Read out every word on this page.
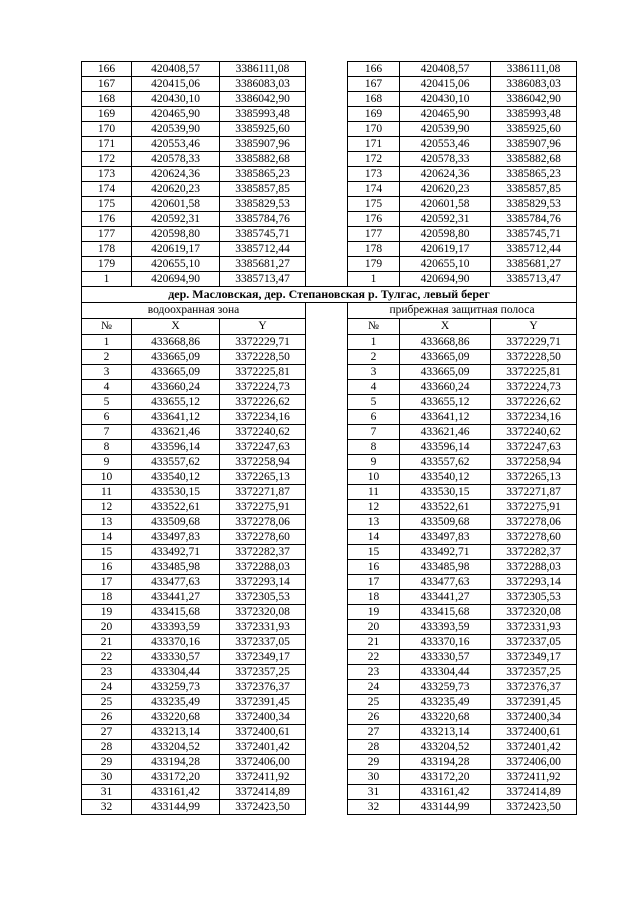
166	420408,57	3386111,08		166	420408,57	3386111,08
167	420415,06	3386083,03		167	420415,06	3386083,03
168	420430,10	3386042,90		168	420430,10	3386042,90
169	420465,90	3385993,48		169	420465,90	3385993,48
170	420539,90	3385925,60		170	420539,90	3385925,60
171	420553,46	3385907,96		171	420553,46	3385907,96
172	420578,33	3385882,68		172	420578,33	3385882,68
173	420624,36	3385865,23		173	420624,36	3385865,23
174	420620,23	3385857,85		174	420620,23	3385857,85
175	420601,58	3385829,53		175	420601,58	3385829,53
176	420592,31	3385784,76		176	420592,31	3385784,76
177	420598,80	3385745,71		177	420598,80	3385745,71
178	420619,17	3385712,44		178	420619,17	3385712,44
179	420655,10	3385681,27		179	420655,10	3385681,27
1	420694,90	3385713,47		1	420694,90	3385713,47
дер. Масловская, дер. Степановская р. Тулгас, левый берег						
водоохранная зона				прибрежная защитная полоса		
№	X	Y		№	X	Y
1	433668,86	3372229,71		1	433668,86	3372229,71
2	433665,09	3372228,50		2	433665,09	3372228,50
3	433665,09	3372225,81		3	433665,09	3372225,81
4	433660,24	3372224,73		4	433660,24	3372224,73
5	433655,12	3372226,62		5	433655,12	3372226,62
6	433641,12	3372234,16		6	433641,12	3372234,16
7	433621,46	3372240,62		7	433621,46	3372240,62
8	433596,14	3372247,63		8	433596,14	3372247,63
9	433557,62	3372258,94		9	433557,62	3372258,94
10	433540,12	3372265,13		10	433540,12	3372265,13
11	433530,15	3372271,87		11	433530,15	3372271,87
12	433522,61	3372275,91		12	433522,61	3372275,91
13	433509,68	3372278,06		13	433509,68	3372278,06
14	433497,83	3372278,60		14	433497,83	3372278,60
15	433492,71	3372282,37		15	433492,71	3372282,37
16	433485,98	3372288,03		16	433485,98	3372288,03
17	433477,63	3372293,14		17	433477,63	3372293,14
18	433441,27	3372305,53		18	433441,27	3372305,53
19	433415,68	3372320,08		19	433415,68	3372320,08
20	433393,59	3372331,93		20	433393,59	3372331,93
21	433370,16	3372337,05		21	433370,16	3372337,05
22	433330,57	3372349,17		22	433330,57	3372349,17
23	433304,44	3372357,25		23	433304,44	3372357,25
24	433259,73	3372376,37		24	433259,73	3372376,37
25	433235,49	3372391,45		25	433235,49	3372391,45
26	433220,68	3372400,34		26	433220,68	3372400,34
27	433213,14	3372400,61		27	433213,14	3372400,61
28	433204,52	3372401,42		28	433204,52	3372401,42
29	433194,28	3372406,00		29	433194,28	3372406,00
30	433172,20	3372411,92		30	433172,20	3372411,92
31	433161,42	3372414,89		31	433161,42	3372414,89
32	433144,99	3372423,50		32	433144,99	3372423,50
